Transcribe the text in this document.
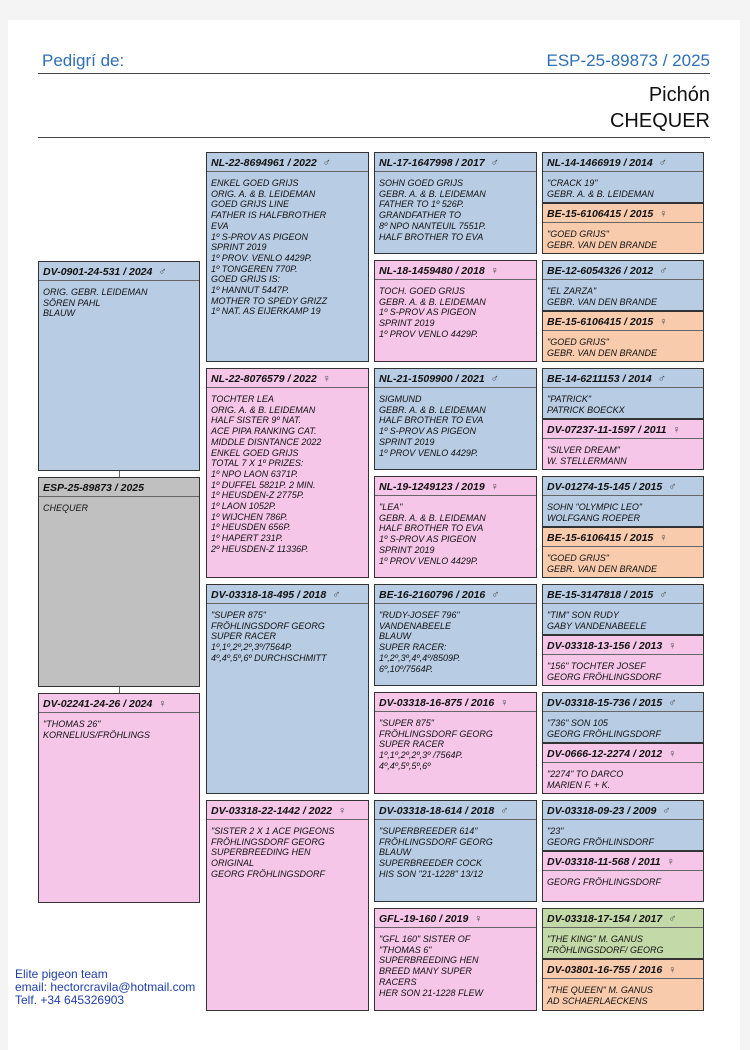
Pedigrí de:	ESP-25-89873 / 2025
Pichón
CHEQUER
DV-0901-24-531 / 2024 ♂
ORIG. GEBR. LEIDEMAN
SÖREN PAHL
BLAUW
ESP-25-89873 / 2025
CHEQUER
DV-02241-24-26 / 2024 ♀
"THOMAS 26"
KORNELIUS/FRÖHLINGS
NL-22-8694961 / 2022 ♂
ENKEL GOED GRIJS
ORIG. A. & B. LEIDEMAN
GOED GRIJS LINE
FATHER IS HALFBROTHER
EVA
1º S-PROV AS PIGEON
SPRINT 2019
1º PROV. VENLO 4429P.
1º TONGEREN 770P.
GOED GRIJS IS:
1º HANNUT 5447P.
MOTHER TO SPEDY GRIZZ
1º NAT. AS EIJERKAMP 19
NL-22-8076579 / 2022 ♀
TOCHTER LEA
ORIG. A. & B. LEIDEMAN
HALF SISTER 9º NAT.
ACE PIPA RANKING CAT.
MIDDLE DISNTANCE 2022
ENKEL GOED GRIJS
TOTAL 7 X 1º PRIZES:
1º NPO LAON 6371P.
1º DUFFEL 5821P. 2 MIN.
1º HEUSDEN-Z 2775P.
1º LAON 1052P.
1º WIJCHEN 786P.
1º HEUSDEN 656P.
1º HAPERT 231P.
2º HEUSDEN-Z 11336P.
DV-03318-18-495 / 2018 ♂
"SUPER 875"
FRÖHLINGSDORF GEORG
SUPER RACER
1º,1º,2º,2º,3º/7564P.
4º,4º,5º,6º DURCHSCHMITT
DV-03318-22-1442 / 2022 ♀
"SISTER 2 X 1 ACE PIGEONS
FRÖHLINGSDORF GEORG
SUPERBREEDING HEN
ORIGINAL
GEORG FRÖHLINGSDORF
NL-17-1647998 / 2017 ♂
SOHN GOED GRIJS
GEBR. A. & B. LEIDEMAN
FATHER TO 1º 526P.
GRANDFATHER TO
8º NPO NANTEUIL 7551P.
HALF BROTHER TO EVA
NL-18-1459480 / 2018 ♀
TOCH. GOED GRIJS
GEBR. A. & B. LEIDEMAN
1º S-PROV AS PIGEON
SPRINT 2019
1º PROV VENLO 4429P.
NL-21-1509900 / 2021 ♂
SIGMUND
GEBR. A. & B. LEIDEMAN
HALF BROTHER TO EVA
1º S-PROV AS PIGEON
SPRINT 2019
1º PROV VENLO 4429P.
NL-19-1249123 / 2019 ♀
"LEA"
GEBR. A. & B. LEIDEMAN
HALF BROTHER TO EVA
1º S-PROV AS PIGEON
SPRINT 2019
1º PROV VENLO 4429P.
BE-16-2160796 / 2016 ♂
"RUDY-JOSEF 796"
VANDENABEELE
BLAUW
SUPER RACER:
1º,2º,3º,4º,4º/8509P.
6º,10º/7564P.
DV-03318-16-875 / 2016 ♀
"SUPER 875"
FRÖHLINGSDORF GEORG
SUPER RACER
1º,1º,2º,2º,3º /7564P.
4º,4º,5º,5º,6º
DV-03318-18-614 / 2018 ♂
"SUPERBREEDER 614"
FRÖHLINGSDORF GEORG
BLAUW
SUPERBREEDER COCK
HIS SON "21-1228" 13/12
GFL-19-160 / 2019 ♀
"GFL 160" SISTER OF
"THOMAS 6"
SUPERBREEDING HEN
BREED MANY SUPER
RACERS
HER SON 21-1228 FLEW
NL-14-1466919 / 2014 ♂
"CRACK 19"
GEBR. A. & B. LEIDEMAN
BE-15-6106415 / 2015 ♀
"GOED GRIJS"
GEBR. VAN DEN BRANDE
BE-12-6054326 / 2012 ♂
"EL ZARZA"
GEBR. VAN DEN BRANDE
BE-15-6106415 / 2015 ♀
"GOED GRIJS"
GEBR. VAN DEN BRANDE
BE-14-6211153 / 2014 ♂
"PATRICK"
PATRICK BOECKX
DV-07237-11-1597 / 2011 ♀
"SILVER DREAM"
W. STELLERMANN
DV-01274-15-145 / 2015 ♂
SOHN "OLYMPIC LEO"
WOLFGANG ROEPER
BE-15-6106415 / 2015 ♀
"GOED GRIJS"
GEBR. VAN DEN BRANDE
BE-15-3147818 / 2015 ♂
"TIM" SON RUDY
GABY VANDENABEELE
DV-03318-13-156 / 2013 ♀
"156" TOCHTER JOSEF
GEORG FRÖHLINGSDORF
DV-03318-15-736 / 2015 ♂
"736" SON 105
GEORG FRÖHLINGSDORF
DV-0666-12-2274 / 2012 ♀
"2274" TO DARCO
MARIEN F. + K.
DV-03318-09-23 / 2009 ♂
"23"
GEORG FRÖHLINSDORF
DV-03318-11-568 / 2011 ♀
GEORG FRÖHLINGSDORF
DV-03318-17-154 / 2017 ♂
"THE KING" M. GANUS
FRÖHLINGSDORF/ GEORG
DV-03801-16-755 / 2016 ♀
"THE QUEEN" M. GANUS
AD SCHAERLAECKENS
Elite pigeon team
email: hectorcravila@hotmail.com
Telf. +34 645326903
